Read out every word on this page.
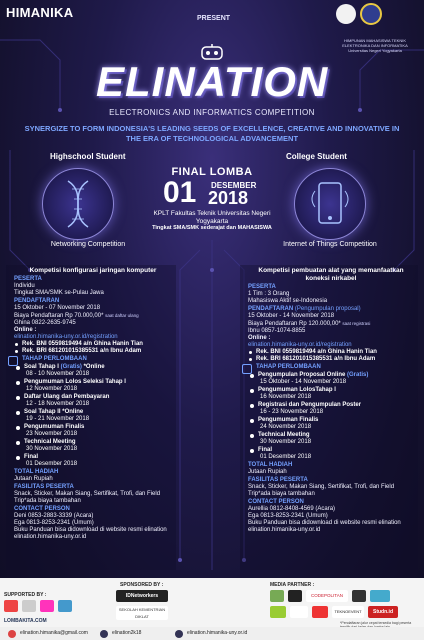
HIMANIKA	PRESENT
HIMPUNAN MAHASISWA TEKNIK ELEKTRONIKA DAN INFORMATIKA Universitas Negeri Yogyakarta
ELINATION
ELECTRONICS AND INFORMATICS COMPETITION
SYNERGIZE TO FORM INDONESIA'S LEADING SEEDS OF EXCELLENCE, CREATIVE AND INNOVATIVE IN THE ERA OF TECHNOLOGICAL ADVANCEMENT
Highschool Student	College Student
Networking Competition	Internet of Things Competition
FINAL LOMBA
01 DESEMBER
2018
KPLT Fakultas Teknik Universitas Negeri Yogyakarta
Tingkat SMA/SMK sederajat dan MAHASISWA
Kompetisi konfigurasi jaringan komputer
PESERTA
Individu
Tingkat SMA/SMK se-Pulau Jawa
PENDAFTARAN
15 Oktober - 07 November 2018
Biaya Pendaftaran Rp 70.000,00* saat daftar ulang
Ghina 0822-2635-9745
Online :
elination.himanika-uny.or.id/registration
Rek. BNI 0559819494 a/n Ghina Hanin Tian
Rek. BRI 681201015385531 a/n Ibnu Adam
TAHAP PERLOMBAAN
Soal Tahap I (Gratis) *Online
08 - 10 November 2018
Pengumuman Lolos Seleksi Tahap I
12 November 2018
Daftar Ulang dan Pembayaran
12 - 18 November 2018
Soal Tahap II *Online
19 - 21 November 2018
Pengumuman Finalis
23 November 2018
Technical Meeting
30 November 2018
Final
01 Desember 2018
TOTAL HADIAH
Jutaan Rupiah
FASILITAS PESERTA
Snack, Sticker, Makan Siang, Sertifikat, Trofi, dan Field Trip*ada biaya tambahan
CONTACT PERSON
Deni 0853-2883-3339 (Acara)
Ega 0813-8253-2341 (Umum)
Buku Panduan bisa didownload di website resmi elination
elination.himanika-uny.or.id
Kompetisi pembuatan alat yang memanfaatkan koneksi nirkabel
PESERTA
1 Tim : 3 Orang
Mahasiswa Aktif se-Indonesia
PENDAFTARAN (Pengumpulan proposal)
15 Oktober - 14 November 2018
Biaya Pendaftaran Rp 120.000,00* saat registrasi
Ibnu 0857-1074-8855
Online :
elination.himanika-uny.or.id/registration
Rek. BNI 0559819494 a/n Ghina Hanin Tian
Rek. BRI 681201015385531 a/n Ibnu Adam
TAHAP PERLOMBAAN
Pengumpulan Proposal Online (Gratis)
15 Oktober - 14 November 2018
Pengumuman LolosTahap I
16 November 2018
Registrasi dan Pengumpulan Poster
16 - 23 November 2018
Pengumuman Finalis
24 November 2018
Technical Meeting
30 November 2018
Final
01 Desember 2018
TOTAL HADIAH
Jutaan Rupiah
FASILITAS PESERTA
Snack, Sticker, Makan Siang, Sertifikat, Trofi, dan Field Trip*ada biaya tambahan
CONTACT PERSON
Aurellia 0812-8408-4569 (Acara)
Ega 0813-8253-2341 (Umum)
Buku Panduan bisa didownload di website resmi elination
elination.himanika-uny.or.id
SUPPORTED BY :
LOMBAKITA.COM
SPONSORED BY :
IDNetworkers
SEKOLAH KEMENTRIAN DIKLAT
MEDIA PARTNER :
CODEPOLITAN
TEKNOEVENT	Studn.id
*Pendaftaran jalur cepat tersedia bagi peserta
elination.himanika@gmail.com	elination2k18	elination.himanika-uny.or.id
